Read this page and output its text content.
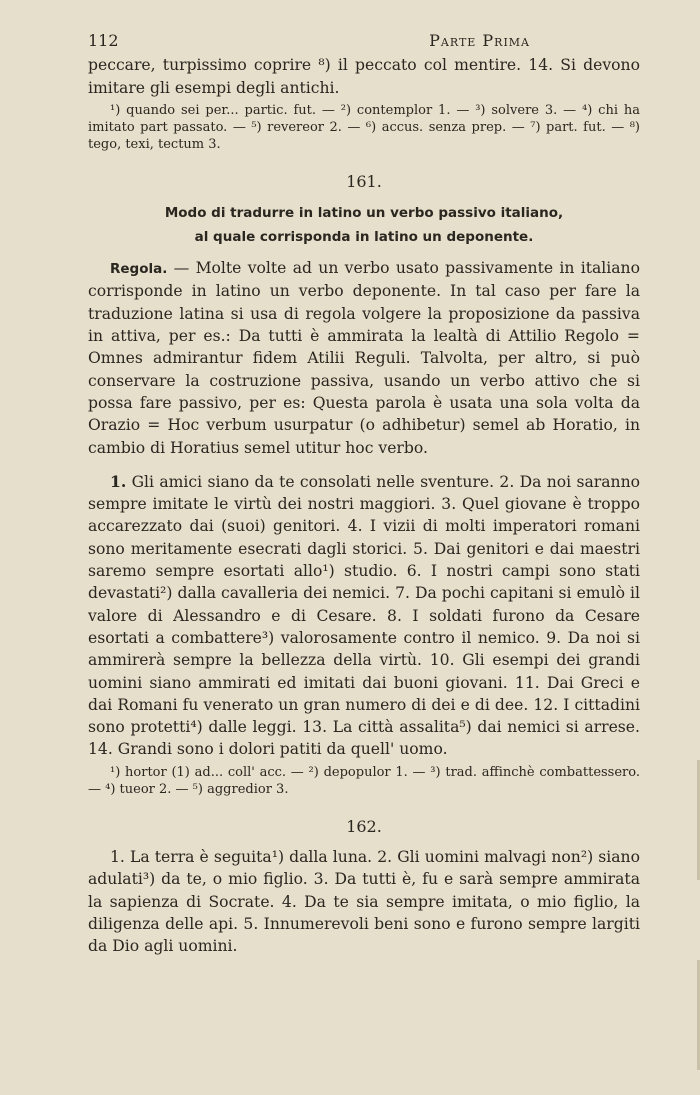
112	Parte Prima

peccare, turpissimo coprire ⁸) il peccato col mentire. 14. Si devono imitare gli esempi degli antichi.

¹) quando sei per... partic. fut. — ²) contemplor 1. — ³) solvere 3. — ⁴) chi ha imitato part passato. — ⁵) revereor 2. — ⁶) accus. senza prep. — ⁷) part. fut. — ⁸) tego, texi, tectum 3.

161.
Modo di tradurre in latino un verbo passivo italiano,
al quale corrisponda in latino un deponente.

Regola. — Molte volte ad un verbo usato passivamente in italiano corrisponde in latino un verbo deponente. In tal caso per fare la traduzione latina si usa di regola volgere la proposizione da passiva in attiva, per es.: Da tutti è ammirata la lealtà di Attilio Regolo = Omnes admirantur fidem Atilii Reguli. Talvolta, per altro, si può conservare la costruzione passiva, usando un verbo attivo che si possa fare passivo, per es: Questa parola è usata una sola volta da Orazio = Hoc verbum usurpatur (o adhibetur) semel ab Horatio, in cambio di Horatius semel utitur hoc verbo.

1. Gli amici siano da te consolati nelle sventure. 2. Da noi saranno sempre imitate le virtù dei nostri maggiori. 3. Quel giovane è troppo accarezzato dai (suoi) genitori. 4. I vizii di molti imperatori romani sono meritamente esecrati dagli storici. 5. Dai genitori e dai maestri saremo sempre esortati allo¹) studio. 6. I nostri campi sono stati devastati²) dalla cavalleria dei nemici. 7. Da pochi capitani si emulò il valore di Alessandro e di Cesare. 8. I soldati furono da Cesare esortati a combattere³) valorosamente contro il nemico. 9. Da noi si ammirerà sempre la bellezza della virtù. 10. Gli esempi dei grandi uomini siano ammirati ed imitati dai buoni giovani. 11. Dai Greci e dai Romani fu venerato un gran numero di dei e di dee. 12. I cittadini sono protetti⁴) dalle leggi. 13. La città assalita⁵) dai nemici si arrese. 14. Grandi sono i dolori patiti da quell' uomo.

¹) hortor (1) ad... coll' acc. — ²) depopulor 1. — ³) trad. affinchè combattessero. — ⁴) tueor 2. — ⁵) aggredior 3.

162.

1. La terra è seguita¹) dalla luna. 2. Gli uomini malvagi non²) siano adulati³) da te, o mio figlio. 3. Da tutti è, fu e sarà sempre ammirata la sapienza di Socrate. 4. Da te sia sempre imitata, o mio figlio, la diligenza delle api. 5. Innumerevoli beni sono e furono sempre largiti da Dio agli uomini.
